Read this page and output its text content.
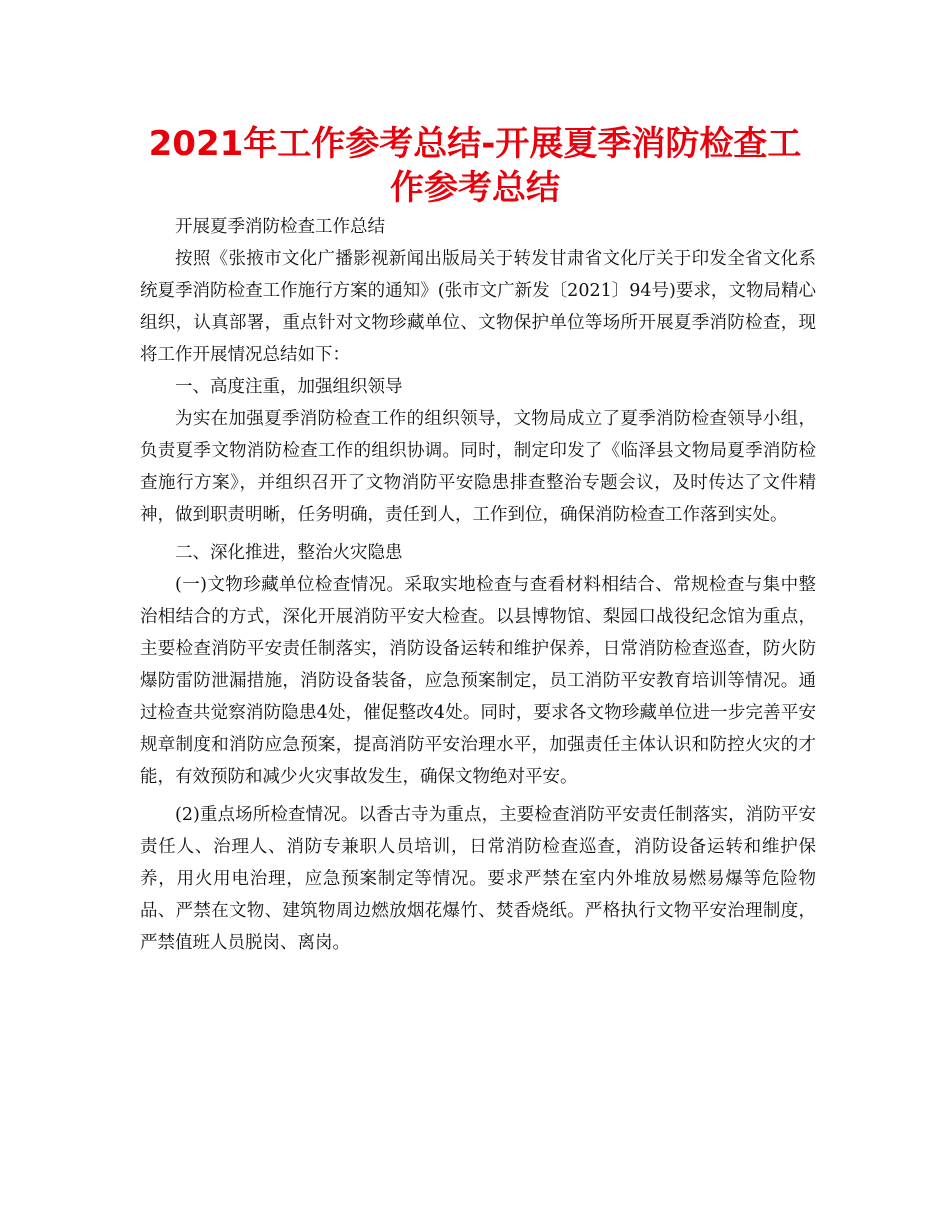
2021年工作参考总结-开展夏季消防检查工作参考总结

开展夏季消防检查工作总结

按照《张掖市文化广播影视新闻出版局关于转发甘肃省文化厅关于印发全省文化系统夏季消防检查工作施行方案的通知》(张市文广新发〔2021〕94号)要求，文物局精心组织，认真部署，重点针对文物珍藏单位、文物保护单位等场所开展夏季消防检查，现将工作开展情况总结如下：

一、高度注重，加强组织领导

为实在加强夏季消防检查工作的组织领导，文物局成立了夏季消防检查领导小组，负责夏季文物消防检查工作的组织协调。同时，制定印发了《临泽县文物局夏季消防检查施行方案》，并组织召开了文物消防平安隐患排查整治专题会议，及时传达了文件精神，做到职责明晰，任务明确，责任到人，工作到位，确保消防检查工作落到实处。

二、深化推进，整治火灾隐患

(一)文物珍藏单位检查情况。采取实地检查与查看材料相结合、常规检查与集中整治相结合的方式，深化开展消防平安大检查。以县博物馆、梨园口战役纪念馆为重点，主要检查消防平安责任制落实，消防设备运转和维护保养，日常消防检查巡查，防火防爆防雷防泄漏措施，消防设备装备，应急预案制定，员工消防平安教育培训等情况。通过检查共觉察消防隐患4处，催促整改4处。同时，要求各文物珍藏单位进一步完善平安规章制度和消防应急预案，提高消防平安治理水平，加强责任主体认识和防控火灾的才能，有效预防和减少火灾事故发生，确保文物绝对平安。

(2)重点场所检查情况。以香古寺为重点，主要检查消防平安责任制落实，消防平安责任人、治理人、消防专兼职人员培训，日常消防检查巡查，消防设备运转和维护保养，用火用电治理，应急预案制定等情况。要求严禁在室内外堆放易燃易爆等危险物品、严禁在文物、建筑物周边燃放烟花爆竹、焚香烧纸。严格执行文物平安治理制度，严禁值班人员脱岗、离岗。
